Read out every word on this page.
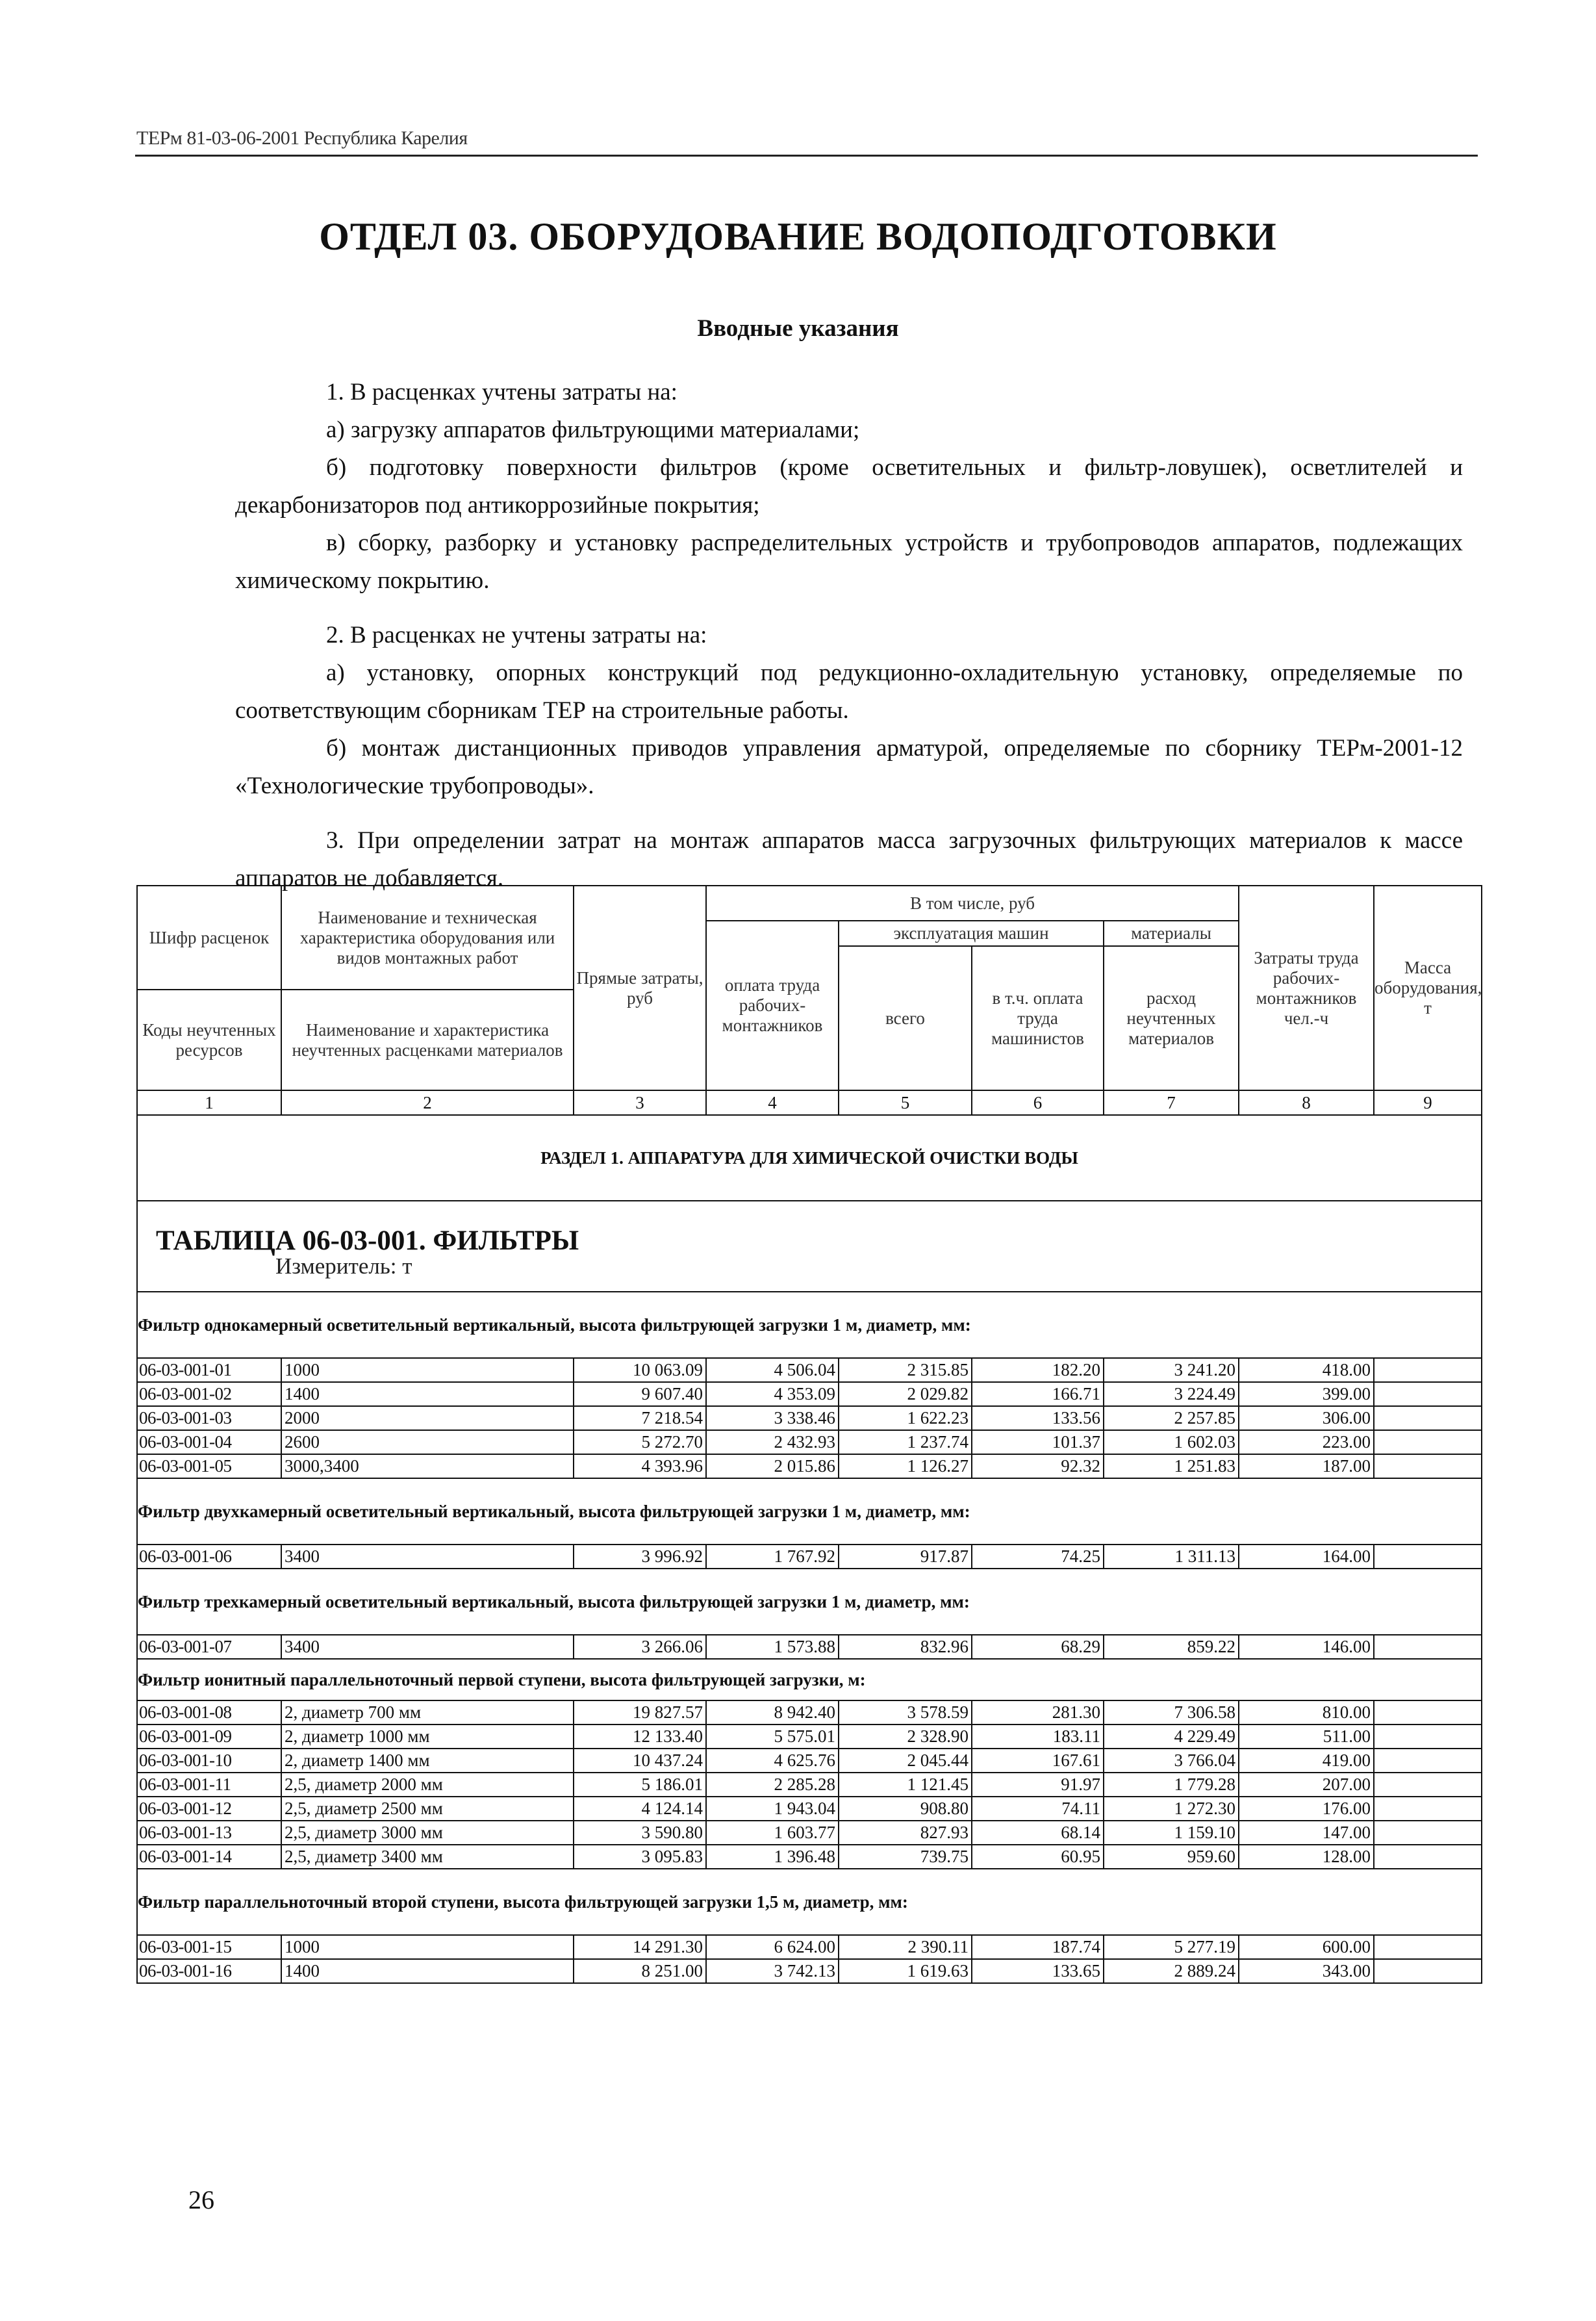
ТЕРм 81-03-06-2001 Республика Карелия
ОТДЕЛ 03. ОБОРУДОВАНИЕ ВОДОПОДГОТОВКИ
Вводные указания

1. В расценках учтены затраты на:

а) загрузку аппаратов фильтрующими материалами;

б) подготовку поверхности фильтров (кроме осветительных и фильтр-ловушек), осветлителей и декарбонизаторов под антикоррозийные покрытия;

в) сборку, разборку и установку распределительных устройств и трубопроводов аппаратов, подлежащих химическому покрытию.

2. В расценках не учтены затраты на:

а) установку, опорных конструкций под редукционно-охладительную установку, определяемые по соответствующим сборникам ТЕР на строительные работы.

б) монтаж дистанционных приводов управления арматурой, определяемые по сборнику ТЕРм-2001-12 «Технологические трубопроводы».

3. При определении затрат на монтаж аппаратов масса загрузочных фильтрующих материалов к массе аппаратов не добавляется.

Шифр расценок	Наименование и техническая характеристика оборудования или видов монтажных работ	Прямые затраты, руб	В том числе, руб				Затраты труда рабочих-монтажников чел.-ч	Масса оборудования, т
			оплата труда рабочих-монтажников	эксплуатация машин		материалы		
				всего	в т.ч. оплата труда машинистов	расход неучтенных материалов		
Коды неучтенных ресурсов	Наименование и характеристика неучтенных расценками материалов							

1	2	3	4	5	6	7	8	9
РАЗДЕЛ 1. АППАРАТУРА ДЛЯ ХИМИЧЕСКОЙ ОЧИСТКИ ВОДЫ								

ТАБЛИЦА 06-03-001. ФИЛЬТРЫ
Измеритель: т								

Фильтр однокамерный осветительный вертикальный, высота фильтрующей загрузки 1 м, диаметр, мм:								
06-03-001-01	1000	10 063.09	4 506.04	2 315.85	182.20	3 241.20	418.00	
06-03-001-02	1400	9 607.40	4 353.09	2 029.82	166.71	3 224.49	399.00	
06-03-001-03	2000	7 218.54	3 338.46	1 622.23	133.56	2 257.85	306.00	
06-03-001-04	2600	5 272.70	2 432.93	1 237.74	101.37	1 602.03	223.00	
06-03-001-05	3000,3400	4 393.96	2 015.86	1 126.27	92.32	1 251.83	187.00	
Фильтр двухкамерный осветительный вертикальный, высота фильтрующей загрузки 1 м, диаметр, мм:								
06-03-001-06	3400	3 996.92	1 767.92	917.87	74.25	1 311.13	164.00	
Фильтр трехкамерный осветительный вертикальный, высота фильтрующей загрузки 1 м, диаметр, мм:								
06-03-001-07	3400	3 266.06	1 573.88	832.96	68.29	859.22	146.00	
Фильтр ионитный параллельноточный первой ступени, высота фильтрующей загрузки, м:								
06-03-001-08	2, диаметр 700 мм	19 827.57	8 942.40	3 578.59	281.30	7 306.58	810.00	
06-03-001-09	2, диаметр 1000 мм	12 133.40	5 575.01	2 328.90	183.11	4 229.49	511.00	
06-03-001-10	2, диаметр 1400 мм	10 437.24	4 625.76	2 045.44	167.61	3 766.04	419.00	
06-03-001-11	2,5, диаметр 2000 мм	5 186.01	2 285.28	1 121.45	91.97	1 779.28	207.00	
06-03-001-12	2,5, диаметр 2500 мм	4 124.14	1 943.04	908.80	74.11	1 272.30	176.00	
06-03-001-13	2,5, диаметр 3000 мм	3 590.80	1 603.77	827.93	68.14	1 159.10	147.00	
06-03-001-14	2,5, диаметр 3400 мм	3 095.83	1 396.48	739.75	60.95	959.60	128.00	
Фильтр параллельноточный второй ступени, высота фильтрующей загрузки 1,5 м, диаметр, мм:								
06-03-001-15	1000	14 291.30	6 624.00	2 390.11	187.74	5 277.19	600.00	
06-03-001-16	1400	8 251.00	3 742.13	1 619.63	133.65	2 889.24	343.00	
26
